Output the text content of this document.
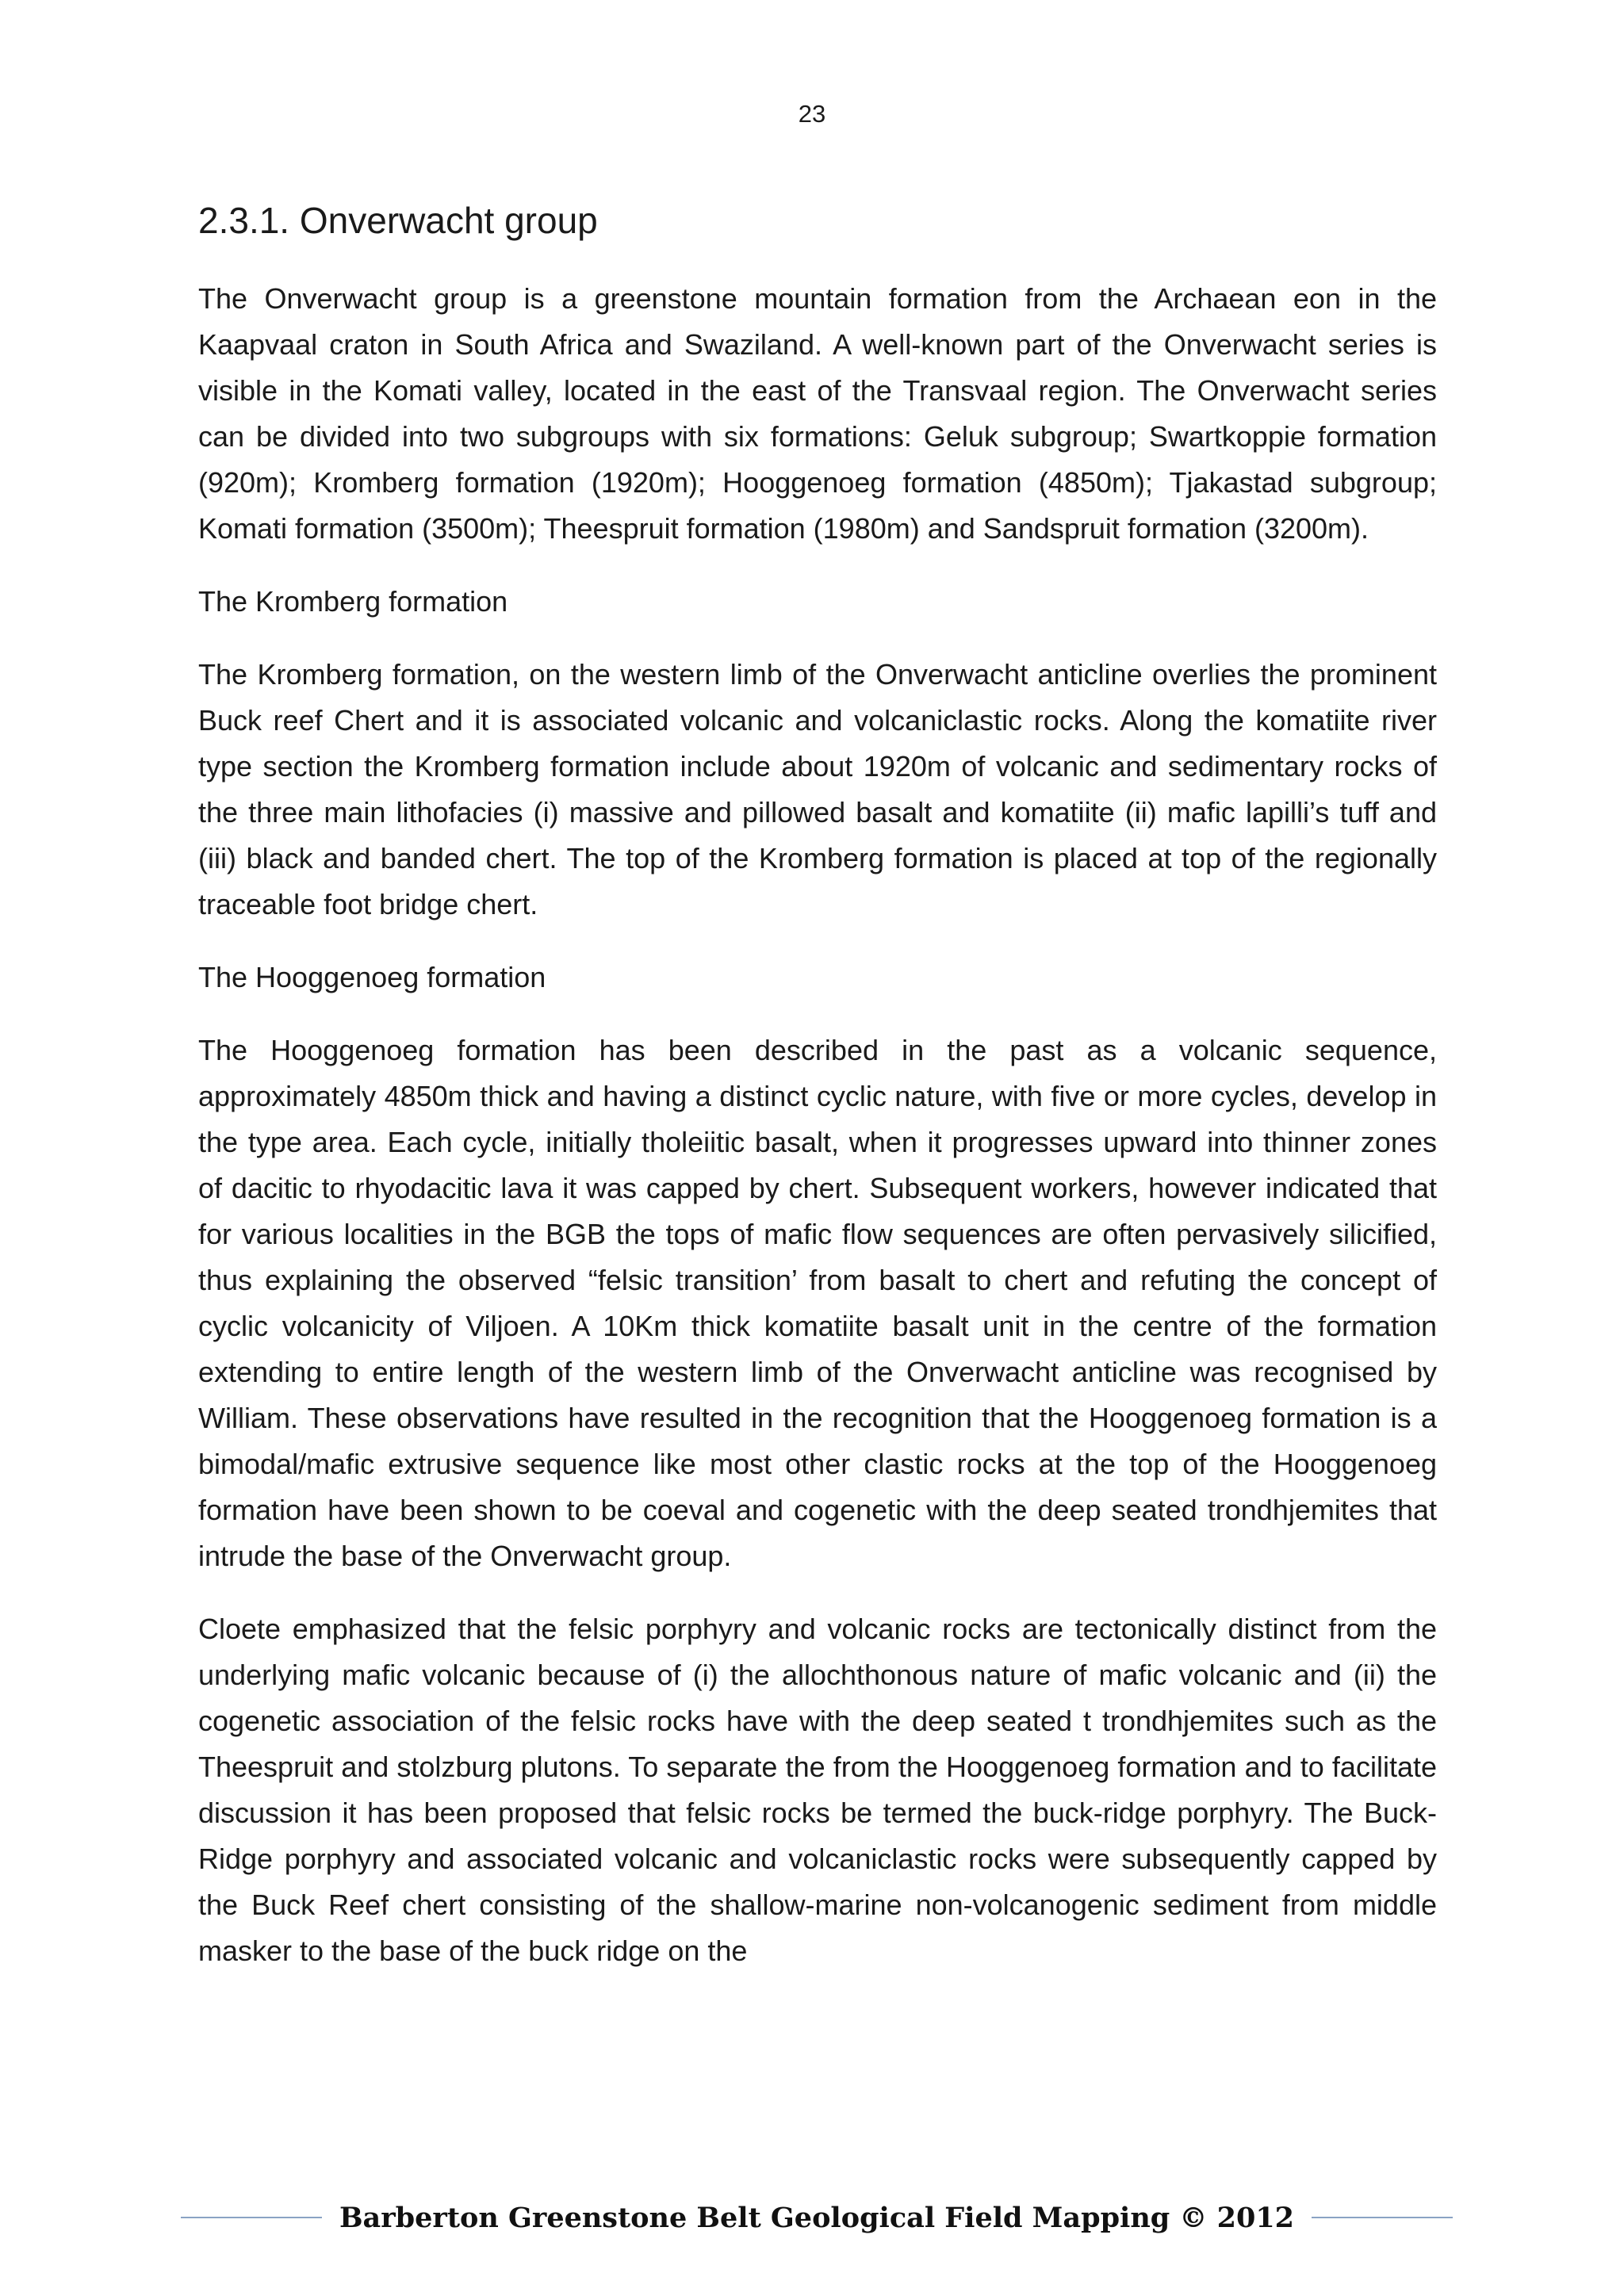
23
2.3.1. Onverwacht group

The Onverwacht group is a greenstone mountain formation from the Archaean eon in the Kaapvaal craton in South Africa and Swaziland. A well-known part of the Onverwacht series is visible in the Komati valley, located in the east of the Transvaal region. The Onverwacht series can be divided into two subgroups with six formations: Geluk subgroup; Swartkoppie formation (920m); Kromberg formation (1920m); Hooggenoeg formation (4850m); Tjakastad subgroup; Komati formation (3500m); Theespruit formation (1980m) and Sandspruit formation (3200m).

The Kromberg formation

The Kromberg formation, on the western limb of the Onverwacht anticline overlies the prominent Buck reef Chert and it is associated volcanic and volcaniclastic rocks. Along the komatiite river type section the Kromberg formation include about 1920m of volcanic and sedimentary rocks of the three main lithofacies (i) massive and pillowed basalt and komatiite (ii) mafic lapilli’s tuff and (iii) black and banded chert. The top of the Kromberg formation is placed at top of the regionally traceable foot bridge chert.

The Hooggenoeg formation

The Hooggenoeg formation has been described in the past as a volcanic sequence, approximately 4850m thick and having a distinct cyclic nature, with five or more cycles, develop in the type area. Each cycle, initially tholeiitic basalt, when it progresses upward into thinner zones of dacitic to rhyodacitic lava it was capped by chert. Subsequent workers, however indicated that for various localities in the BGB the tops of mafic flow sequences are often pervasively silicified, thus explaining the observed “felsic transition’ from basalt to chert and refuting the concept of cyclic volcanicity of Viljoen. A 10Km thick komatiite basalt unit in the centre of the formation extending to entire length of the western limb of the Onverwacht anticline was recognised by William. These observations have resulted in the recognition that the Hooggenoeg formation is a bimodal/mafic extrusive sequence like most other clastic rocks at the top of the Hooggenoeg formation have been shown to be coeval and cogenetic with the deep seated trondhjemites that intrude the base of the Onverwacht group.

Cloete emphasized that the felsic porphyry and volcanic rocks are tectonically distinct from the underlying mafic volcanic because of (i) the allochthonous nature of mafic volcanic and (ii) the cogenetic association of the felsic rocks have with the deep seated t trondhjemites such as the Theespruit and stolzburg plutons. To separate the from the Hooggenoeg formation and to facilitate discussion it has been proposed that felsic rocks be termed the buck-ridge porphyry. The Buck-Ridge porphyry and associated volcanic and volcaniclastic rocks were subsequently capped by the Buck Reef chert consisting of the shallow-marine non-volcanogenic sediment from middle masker to the base of the buck ridge on the

Barberton Greenstone Belt Geological Field Mapping © 2012
